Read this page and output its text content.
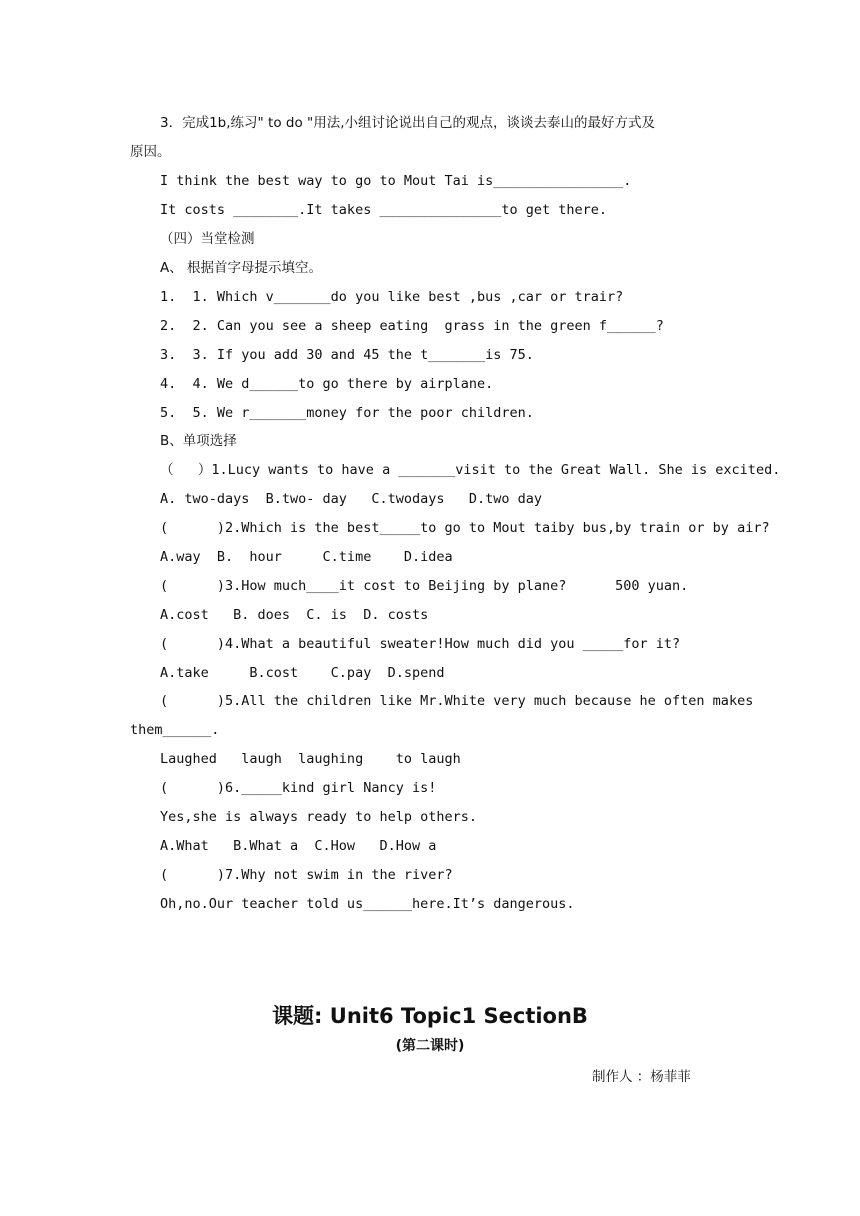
3．完成1b,练习" to do "用法,小组讨论说出自己的观点，谈谈去泰山的最好方式及
原因。
I think the best way to go to Mout Tai is________________.
It costs ________.It takes _______________to get there.
（四）当堂检测
A、 根据首字母提示填空。
1.  1. Which v_______do you like best ,bus ,car or trair?
2.  2. Can you see a sheep eating  grass in the green f______?
3.  3. If you add 30 and 45 the t_______is 75.
4.  4. We d______to go there by airplane.
5.  5. We r_______money for the poor children.
B、单项选择
（   ）1.Lucy wants to have a _______visit to the Great Wall. She is excited.
A. two-days  B.two- day   C.twodays   D.two day
(      )2.Which is the best_____to go to Mout taiby bus,by train or by air?
A.way  B.  hour     C.time    D.idea
(      )3.How much____it cost to Beijing by plane?      500 yuan.
A.cost   B. does  C. is  D. costs
(      )4.What a beautiful sweater!How much did you _____for it?
A.take     B.cost    C.pay  D.spend
(      )5.All the children like Mr.White very much because he often makes
them______.
Laughed   laugh  laughing    to laugh
(      )6._____kind girl Nancy is!
Yes,she is always ready to help others.
A.What   B.What a  C.How   D.How a
(      )7.Why not swim in the river?
Oh,no.Our teacher told us______here.It’s dangerous.
课题: Unit6 Topic1 SectionB
(第二课时)
制作人 ：杨菲菲
